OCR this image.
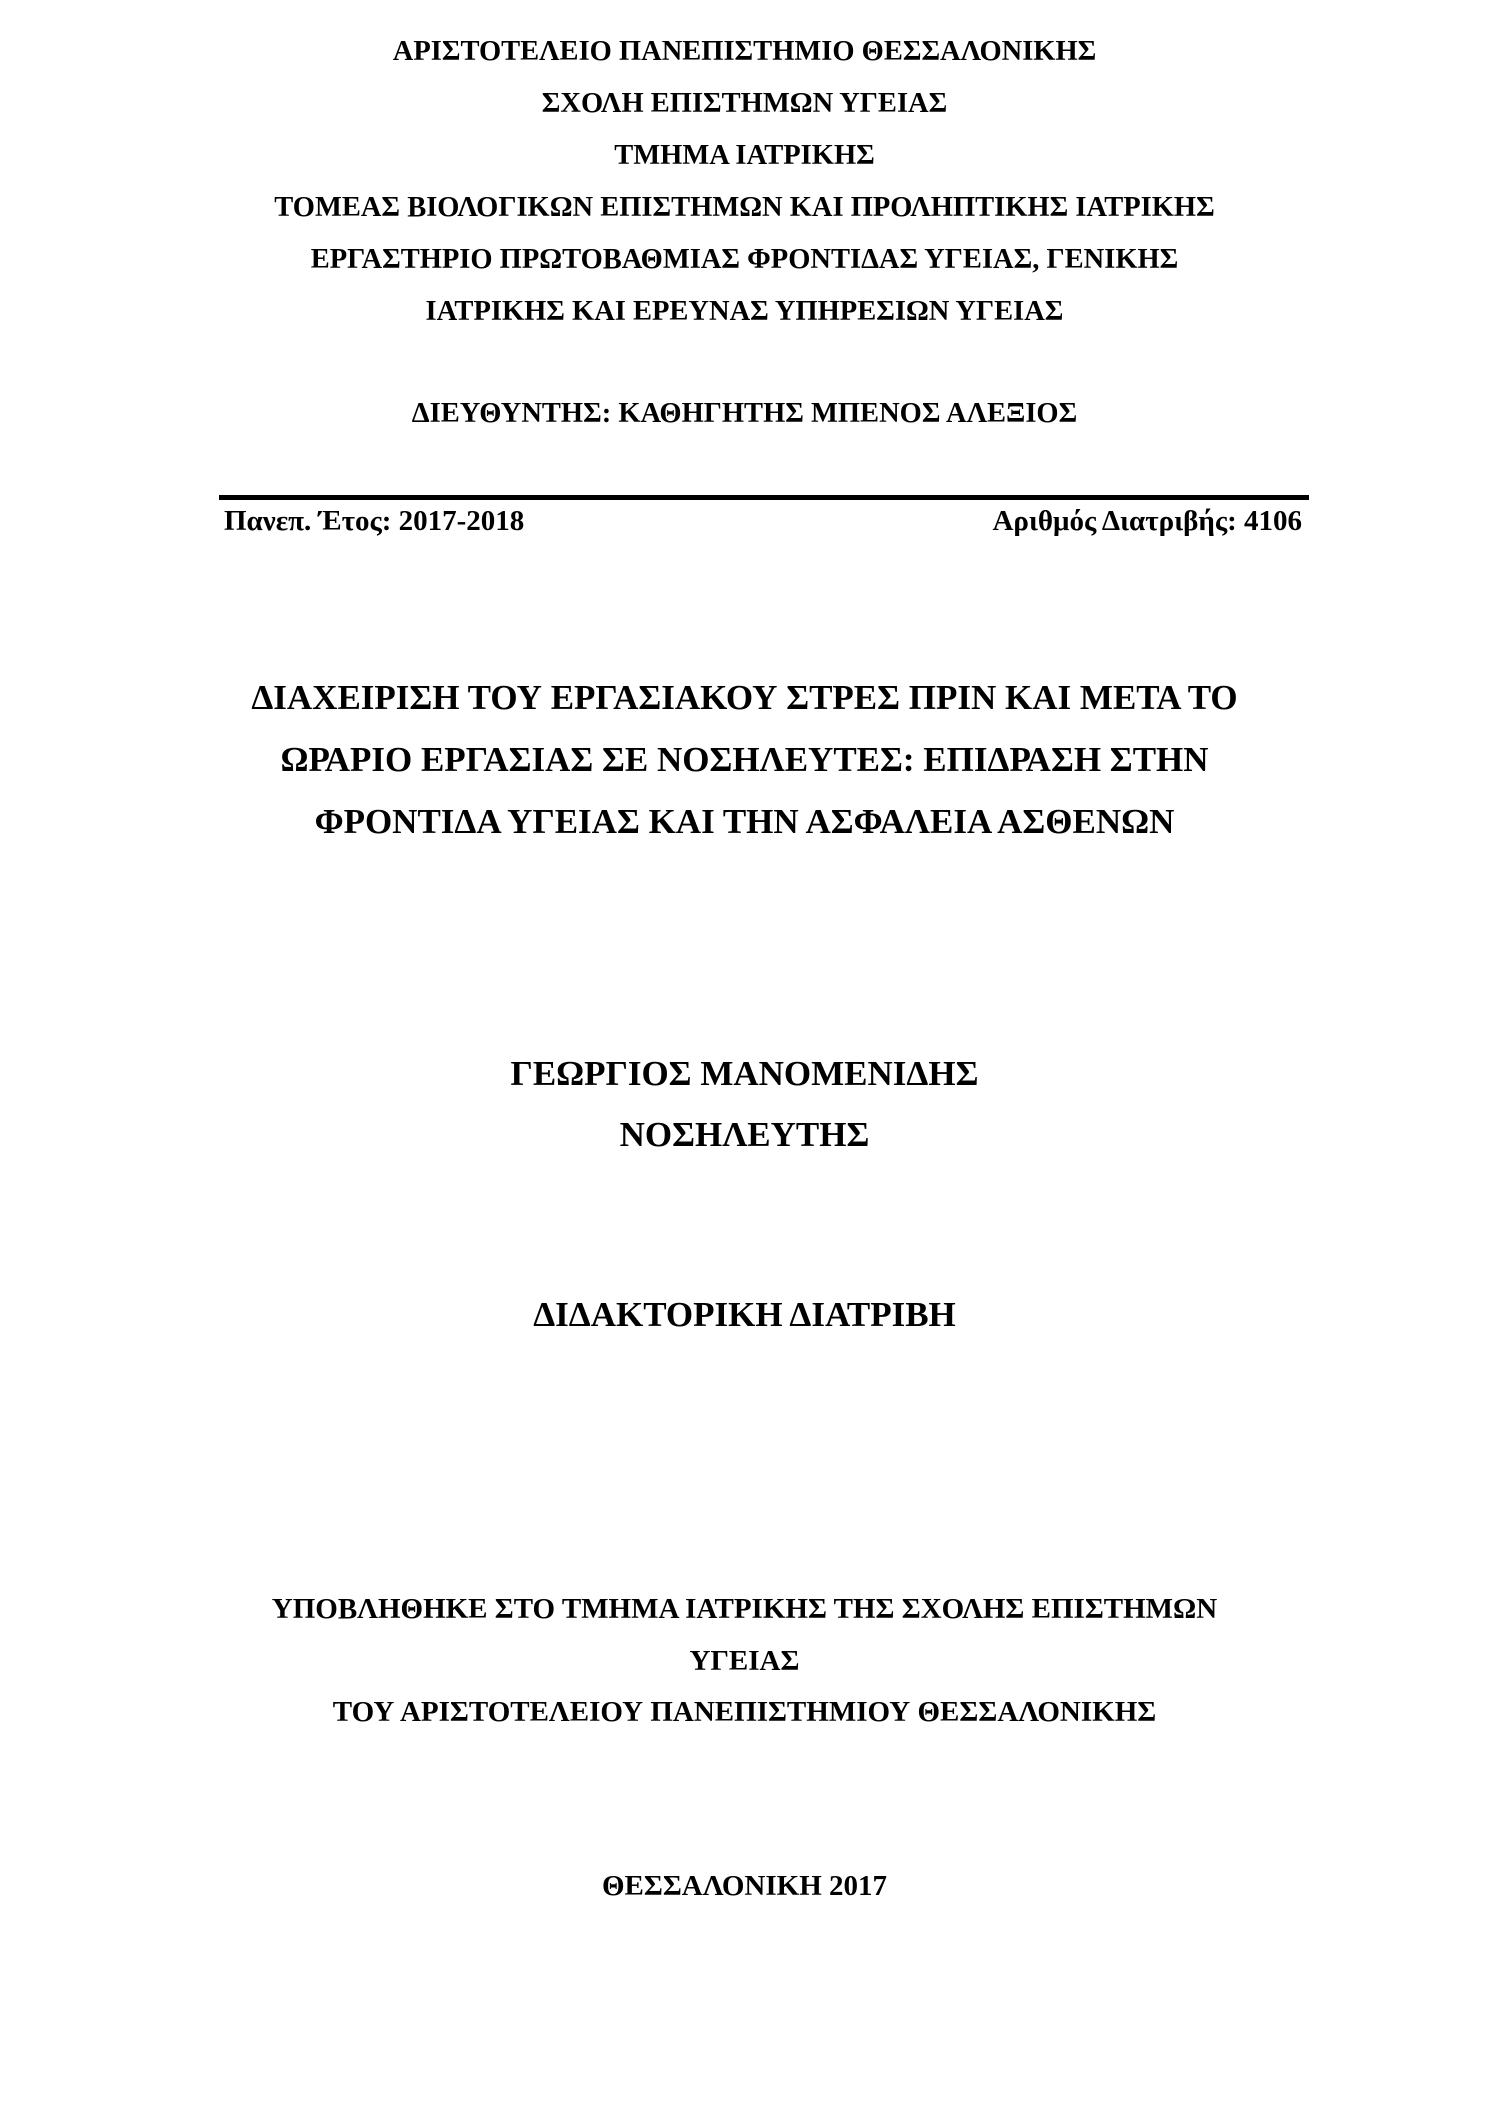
ΑΡΙΣΤΟΤΕΛΕΙΟ ΠΑΝΕΠΙΣΤΗΜΙΟ ΘΕΣΣΑΛΟΝΙΚΗΣ
ΣΧΟΛΗ ΕΠΙΣΤΗΜΩΝ ΥΓΕΙΑΣ
ΤΜΗΜΑ ΙΑΤΡΙΚΗΣ
ΤΟΜΕΑΣ ΒΙΟΛΟΓΙΚΩΝ ΕΠΙΣΤΗΜΩΝ ΚΑΙ ΠΡΟΛΗΠΤΙΚΗΣ ΙΑΤΡΙΚΗΣ
ΕΡΓΑΣΤΗΡΙΟ ΠΡΩΤΟΒΑΘΜΙΑΣ ΦΡΟΝΤΙΔΑΣ ΥΓΕΙΑΣ, ΓΕΝΙΚΗΣ
ΙΑΤΡΙΚΗΣ ΚΑΙ ΕΡΕΥΝΑΣ ΥΠΗΡΕΣΙΩΝ ΥΓΕΙΑΣ
ΔΙΕΥΘΥΝΤΗΣ: ΚΑΘΗΓΗΤΗΣ ΜΠΕΝΟΣ ΑΛΕΞΙΟΣ
Πανεπ. Έτος: 2017-2018	Αριθμός Διατριβής: 4106
ΔΙΑΧΕΙΡΙΣΗ ΤΟΥ ΕΡΓΑΣΙΑΚΟΥ ΣΤΡΕΣ ΠΡΙΝ ΚΑΙ ΜΕΤΑ ΤΟ
ΩΡΑΡΙΟ ΕΡΓΑΣΙΑΣ ΣΕ ΝΟΣΗΛΕΥΤΕΣ: ΕΠΙΔΡΑΣΗ ΣΤΗΝ
ΦΡΟΝΤΙΔΑ ΥΓΕΙΑΣ ΚΑΙ ΤΗΝ ΑΣΦΑΛΕΙΑ ΑΣΘΕΝΩΝ
ΓΕΩΡΓΙΟΣ ΜΑΝΟΜΕΝΙΔΗΣ
ΝΟΣΗΛΕΥΤΗΣ
ΔΙΔΑΚΤΟΡΙΚΗ ΔΙΑΤΡΙΒΗ
ΥΠΟΒΛΗΘΗΚΕ ΣΤΟ ΤΜΗΜΑ ΙΑΤΡΙΚΗΣ ΤΗΣ ΣΧΟΛΗΣ ΕΠΙΣΤΗΜΩΝ
ΥΓΕΙΑΣ
ΤΟΥ ΑΡΙΣΤΟΤΕΛΕΙΟΥ ΠΑΝΕΠΙΣΤΗΜΙΟΥ ΘΕΣΣΑΛΟΝΙΚΗΣ
ΘΕΣΣΑΛΟΝΙΚΗ 2017
